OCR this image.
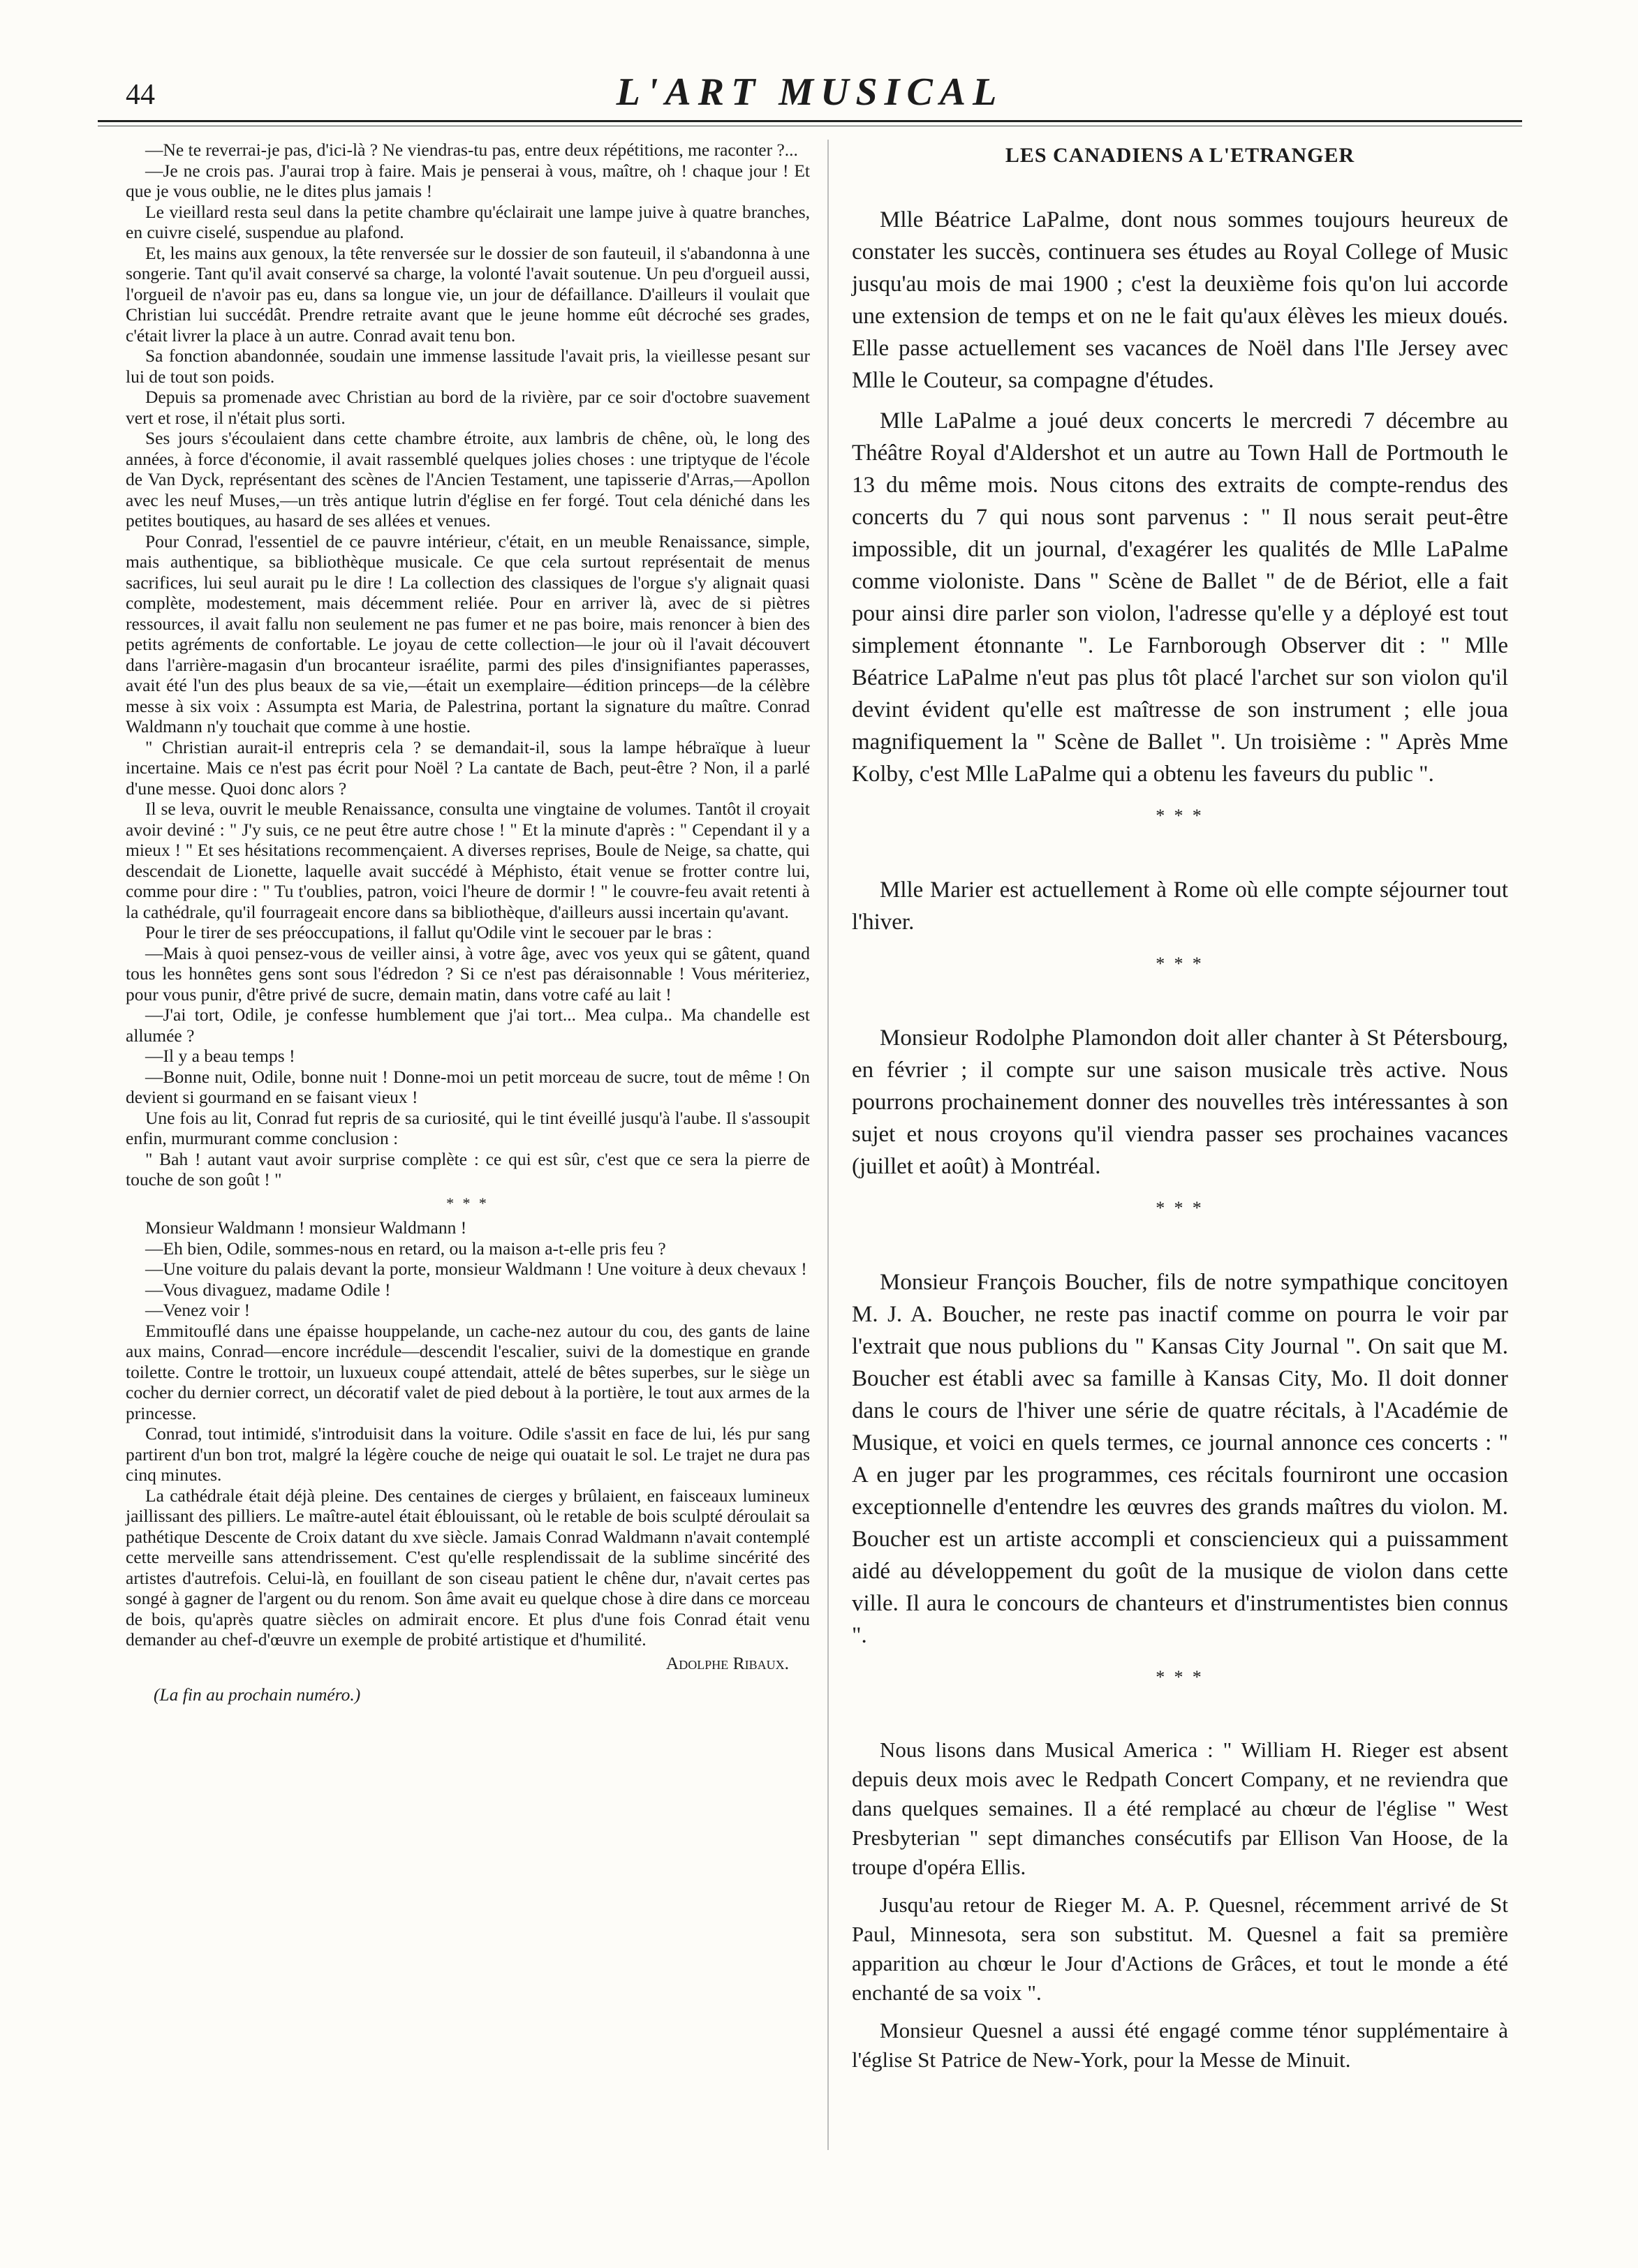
44	L'ART MUSICAL

—Ne te reverrai-je pas, d'ici-là ? Ne viendras-tu pas, entre deux répétitions, me raconter ?...

—Je ne crois pas. J'aurai trop à faire. Mais je penserai à vous, maître, oh ! chaque jour ! Et que je vous oublie, ne le dites plus jamais !

Le vieillard resta seul dans la petite chambre qu'éclairait une lampe juive à quatre branches, en cuivre ciselé, suspendue au plafond.

Et, les mains aux genoux, la tête renversée sur le dossier de son fauteuil, il s'abandonna à une songerie. Tant qu'il avait conservé sa charge, la volonté l'avait soutenue. Un peu d'orgueil aussi, l'orgueil de n'avoir pas eu, dans sa longue vie, un jour de défaillance. D'ailleurs il voulait que Christian lui succédât. Prendre retraite avant que le jeune homme eût décroché ses grades, c'était livrer la place à un autre. Conrad avait tenu bon.

Sa fonction abandonnée, soudain une immense lassitude l'avait pris, la vieillesse pesant sur lui de tout son poids.

Depuis sa promenade avec Christian au bord de la rivière, par ce soir d'octobre suavement vert et rose, il n'était plus sorti.

Ses jours s'écoulaient dans cette chambre étroite, aux lambris de chêne, où, le long des années, à force d'économie, il avait rassemblé quelques jolies choses : une triptyque de l'école de Van Dyck, représentant des scènes de l'Ancien Testament, une tapisserie d'Arras,—Apollon avec les neuf Muses,—un très antique lutrin d'église en fer forgé. Tout cela déniché dans les petites boutiques, au hasard de ses allées et venues.

Pour Conrad, l'essentiel de ce pauvre intérieur, c'était, en un meuble Renaissance, simple, mais authentique, sa bibliothèque musicale. Ce que cela surtout représentait de menus sacrifices, lui seul aurait pu le dire ! La collection des classiques de l'orgue s'y alignait quasi complète, modestement, mais décemment reliée. Pour en arriver là, avec de si piètres ressources, il avait fallu non seulement ne pas fumer et ne pas boire, mais renoncer à bien des petits agréments de confortable. Le joyau de cette collection—le jour où il l'avait découvert dans l'arrière-magasin d'un brocanteur israélite, parmi des piles d'insignifiantes paperasses, avait été l'un des plus beaux de sa vie,—était un exemplaire—édition princeps—de la célèbre messe à six voix : Assumpta est Maria, de Palestrina, portant la signature du maître. Conrad Waldmann n'y touchait que comme à une hostie.

" Christian aurait-il entrepris cela ? se demandait-il, sous la lampe hébraïque à lueur incertaine. Mais ce n'est pas écrit pour Noël ? La cantate de Bach, peut-être ? Non, il a parlé d'une messe. Quoi donc alors ?

Il se leva, ouvrit le meuble Renaissance, consulta une vingtaine de volumes. Tantôt il croyait avoir deviné : " J'y suis, ce ne peut être autre chose ! " Et la minute d'après : " Cependant il y a mieux ! " Et ses hésitations recommençaient. A diverses reprises, Boule de Neige, sa chatte, qui descendait de Lionette, laquelle avait succédé à Méphisto, était venue se frotter contre lui, comme pour dire : " Tu t'oublies, patron, voici l'heure de dormir ! " le couvre-feu avait retenti à la cathédrale, qu'il fourrageait encore dans sa bibliothèque, d'ailleurs aussi incertain qu'avant.

Pour le tirer de ses préoccupations, il fallut qu'Odile vint le secouer par le bras :

—Mais à quoi pensez-vous de veiller ainsi, à votre âge, avec vos yeux qui se gâtent, quand tous les honnêtes gens sont sous l'édredon ? Si ce n'est pas déraisonnable ! Vous mériteriez, pour vous punir, d'être privé de sucre, demain matin, dans votre café au lait !

—J'ai tort, Odile, je confesse humblement que j'ai tort... Mea culpa.. Ma chandelle est allumée ?

—Il y a beau temps !

—Bonne nuit, Odile, bonne nuit ! Donne-moi un petit morceau de sucre, tout de même ! On devient si gourmand en se faisant vieux !

Une fois au lit, Conrad fut repris de sa curiosité, qui le tint éveillé jusqu'à l'aube. Il s'assoupit enfin, murmurant comme conclusion :

" Bah ! autant vaut avoir surprise complète : ce qui est sûr, c'est que ce sera la pierre de touche de son goût ! "

* * *

Monsieur Waldmann ! monsieur Waldmann !

—Eh bien, Odile, sommes-nous en retard, ou la maison a-t-elle pris feu ?

—Une voiture du palais devant la porte, monsieur Waldmann ! Une voiture à deux chevaux !

—Vous divaguez, madame Odile !

—Venez voir !

Emmitouflé dans une épaisse houppelande, un cache-nez autour du cou, des gants de laine aux mains, Conrad—encore incrédule—descendit l'escalier, suivi de la domestique en grande toilette. Contre le trottoir, un luxueux coupé attendait, attelé de bêtes superbes, sur le siège un cocher du dernier correct, un décoratif valet de pied debout à la portière, le tout aux armes de la princesse.

Conrad, tout intimidé, s'introduisit dans la voiture. Odile s'assit en face de lui, lés pur sang partirent d'un bon trot, malgré la légère couche de neige qui ouatait le sol. Le trajet ne dura pas cinq minutes.

La cathédrale était déjà pleine. Des centaines de cierges y brûlaient, en faisceaux lumineux jaillissant des pilliers. Le maître-autel était éblouissant, où le retable de bois sculpté déroulait sa pathétique Descente de Croix datant du xve siècle. Jamais Conrad Waldmann n'avait contemplé cette merveille sans attendrissement. C'est qu'elle resplendissait de la sublime sincérité des artistes d'autrefois. Celui-là, en fouillant de son ciseau patient le chêne dur, n'avait certes pas songé à gagner de l'argent ou du renom. Son âme avait eu quelque chose à dire dans ce morceau de bois, qu'après quatre siècles on admirait encore. Et plus d'une fois Conrad était venu demander au chef-d'œuvre un exemple de probité artistique et d'humilité.

Adolphe Ribaux.
(La fin au prochain numéro.)
LES CANADIENS A L'ETRANGER

Mlle Béatrice LaPalme, dont nous sommes toujours heureux de constater les succès, continuera ses études au Royal College of Music jusqu'au mois de mai 1900 ; c'est la deuxième fois qu'on lui accorde une extension de temps et on ne le fait qu'aux élèves les mieux doués. Elle passe actuellement ses vacances de Noël dans l'Ile Jersey avec Mlle le Couteur, sa compagne d'études.

Mlle LaPalme a joué deux concerts le mercredi 7 décembre au Théâtre Royal d'Aldershot et un autre au Town Hall de Portmouth le 13 du même mois. Nous citons des extraits de compte-rendus des concerts du 7 qui nous sont parvenus : " Il nous serait peut-être impossible, dit un journal, d'exagérer les qualités de Mlle LaPalme comme violoniste. Dans " Scène de Ballet " de de Bériot, elle a fait pour ainsi dire parler son violon, l'adresse qu'elle y a déployé est tout simplement étonnante ". Le Farnborough Observer dit : " Mlle Béatrice LaPalme n'eut pas plus tôt placé l'archet sur son violon qu'il devint évident qu'elle est maîtresse de son instrument ; elle joua magnifiquement la " Scène de Ballet ". Un troisième : " Après Mme Kolby, c'est Mlle LaPalme qui a obtenu les faveurs du public ".

* * *

Mlle Marier est actuellement à Rome où elle compte séjourner tout l'hiver.

* * *

Monsieur Rodolphe Plamondon doit aller chanter à St Pétersbourg, en février ; il compte sur une saison musicale très active. Nous pourrons prochainement donner des nouvelles très intéressantes à son sujet et nous croyons qu'il viendra passer ses prochaines vacances (juillet et août) à Montréal.

* * *

Monsieur François Boucher, fils de notre sympathique concitoyen M. J. A. Boucher, ne reste pas inactif comme on pourra le voir par l'extrait que nous publions du " Kansas City Journal ". On sait que M. Boucher est établi avec sa famille à Kansas City, Mo. Il doit donner dans le cours de l'hiver une série de quatre récitals, à l'Académie de Musique, et voici en quels termes, ce journal annonce ces concerts : " A en juger par les programmes, ces récitals fourniront une occasion exceptionnelle d'entendre les œuvres des grands maîtres du violon. M. Boucher est un artiste accompli et consciencieux qui a puissamment aidé au développement du goût de la musique de violon dans cette ville. Il aura le concours de chanteurs et d'instrumentistes bien connus ".

* * *

Nous lisons dans Musical America : " William H. Rieger est absent depuis deux mois avec le Redpath Concert Company, et ne reviendra que dans quelques semaines. Il a été remplacé au chœur de l'église " West Presbyterian " sept dimanches consécutifs par Ellison Van Hoose, de la troupe d'opéra Ellis.

Jusqu'au retour de Rieger M. A. P. Quesnel, récemment arrivé de St Paul, Minnesota, sera son substitut. M. Quesnel a fait sa première apparition au chœur le Jour d'Actions de Grâces, et tout le monde a été enchanté de sa voix ".

Monsieur Quesnel a aussi été engagé comme ténor supplémentaire à l'église St Patrice de New-York, pour la Messe de Minuit.
